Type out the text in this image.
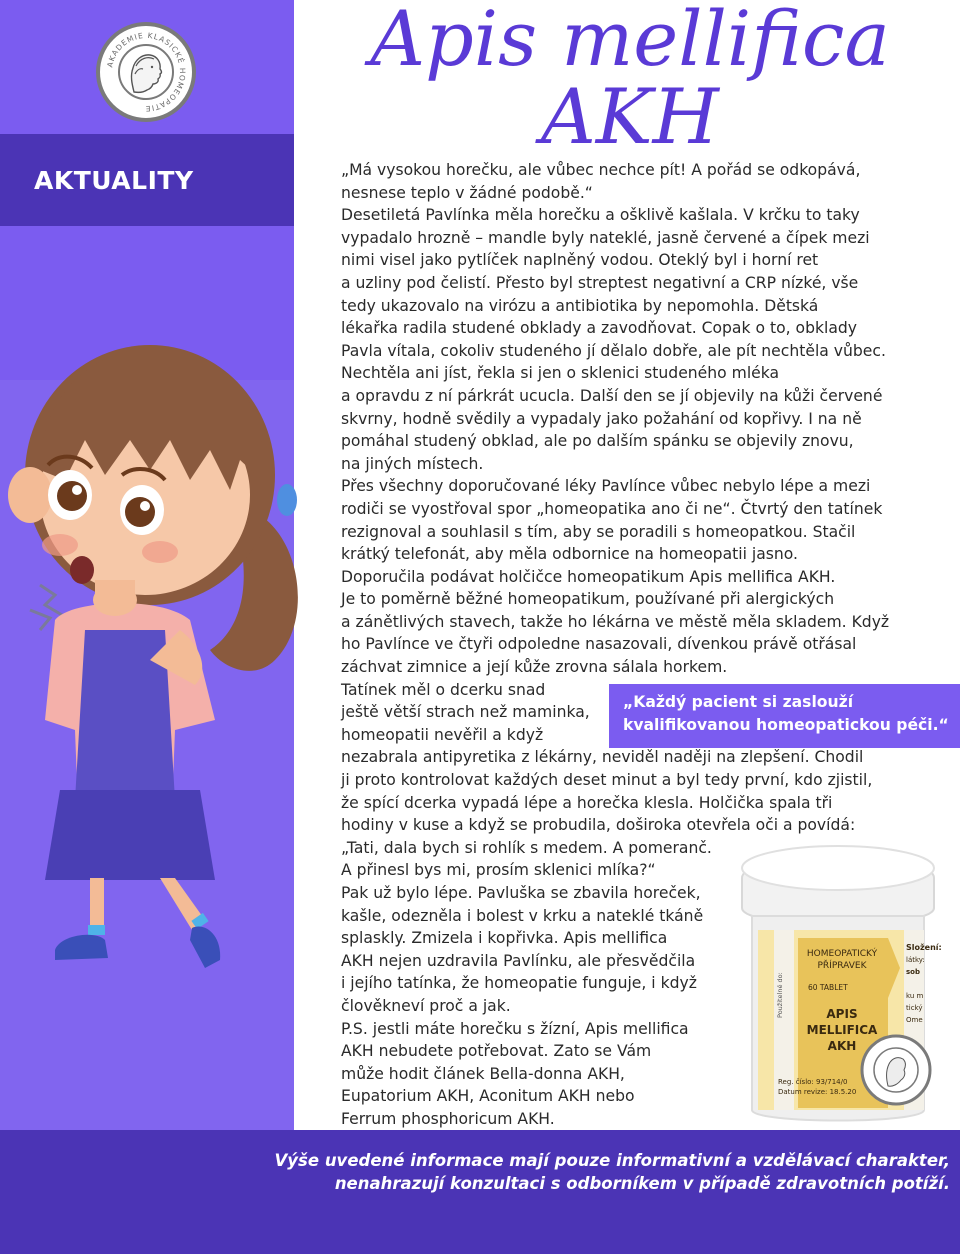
AKADEMIE KLASICKÉ HOMEOPATIE
AKTUALITY
Apis mellifica
AKH

„Má vysokou horečku, ale vůbec nechce pít! A pořád se odkopává,

nesnese teplo v žádné podobě.“

Desetiletá Pavlínka měla horečku a ošklivě kašlala. V krčku to taky

vypadalo hrozně – mandle byly nateklé, jasně červené a čípek mezi

nimi visel jako pytlíček naplněný vodou. Oteklý byl i horní ret

a uzliny pod čelistí. Přesto byl streptest negativní a CRP nízké, vše

tedy ukazovalo na virózu a antibiotika by nepomohla. Dětská

lékařka radila studené obklady a zavodňovat. Copak o to, obklady

Pavla vítala, cokoliv studeného jí dělalo dobře, ale pít nechtěla vůbec.

Nechtěla ani jíst, řekla si jen o sklenici studeného mléka

a opravdu z ní párkrát ucucla. Další den se jí objevily na kůži červené

skvrny, hodně svědily a vypadaly jako požahání od kopřivy. I na ně

pomáhal studený obklad, ale po dalším spánku se objevily znovu,

na jiných místech.

Přes všechny doporučované léky Pavlínce vůbec nebylo lépe a mezi

rodiči se vyostřoval spor „homeopatika ano či ne“. Čtvrtý den tatínek

rezignoval a souhlasil s tím, aby se poradili s homeopatkou. Stačil

krátký telefonát, aby měla odbornice na homeopatii jasno.

Doporučila podávat holčičce homeopatikum Apis mellifica AKH.

Je to poměrně běžné homeopatikum, používané při alergických

a zánětlivých stavech, takže ho lékárna ve městě měla skladem. Když

ho Pavlínce ve čtyři odpoledne nasazovali, dívenkou právě otřásal

záchvat zimnice a její kůže zrovna sálala horkem.

Tatínek měl o dcerku snad

ještě větší strach než maminka,

homeopatii nevěřil a když

nezabrala antipyretika z lékárny, neviděl naději na zlepšení. Chodil

ji proto kontrolovat každých deset minut a byl tedy první, kdo zjistil,

že spící dcerka vypadá lépe a horečka klesla. Holčička spala tři

hodiny v kuse a když se probudila, doširoka otevřela oči a povídá:

„Tati, dala bych si rohlík s medem. A pomeranč.

A přinesl bys mi, prosím sklenici mlíka?“

Pak už bylo lépe. Pavluška se zbavila horeček,

kašle, odezněla i bolest v krku a nateklé tkáně

splaskly. Zmizela i kopřivka. Apis mellifica

AKH nejen uzdravila Pavlínku, ale přesvědčila

i jejího tatínka, že homeopatie funguje, i když

člověkneví proč a jak.

P.S. jestli máte horečku s žízní, Apis mellifica

AKH nebudete potřebovat. Zato se Vám

může hodit článek Bella-donna AKH,

Eupatorium AKH, Aconitum AKH nebo

Ferrum phosphoricum AKH.

„Každý pacient si zaslouží
kvalifikovanou homeopatickou péči.“
HOMEOPATICKÝ
PŘÍPRAVEK
60 TABLET
APIS
MELLIFICA
AKH
Použitelné do:
Složení:
látky:
sob
ku m
tický
Ome
Reg. číslo: 93/714/0
Datum revize: 18.5.20
Výše uvedené informace mají pouze informativní a vzdělávací charakter,
nenahrazují konzultaci s odborníkem v případě zdravotních potíží.
